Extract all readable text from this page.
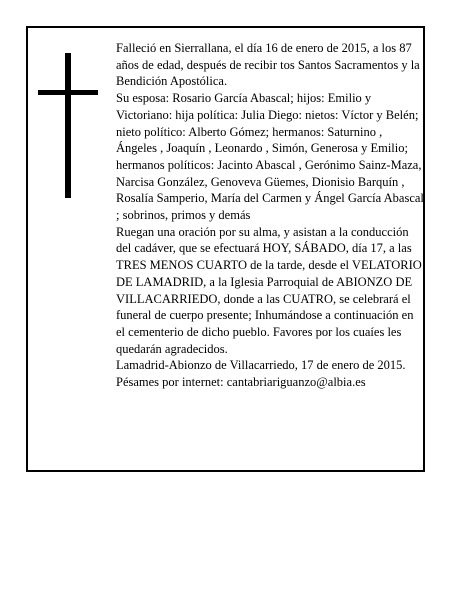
Falleció en Sierrallana, el día 16 de enero de 2015, a los 87 años de edad, después de recibir tos Santos Sacramentos y la Bendición Apostólica.

Su esposa: Rosario García Abascal; hijos: Emilio y Victoriano: hija política: Julia Diego: nietos: Víctor y Belén; nieto político: Alberto Gómez; hermanos: Saturnino , Ángeles , Joaquín , Leonardo , Simón, Generosa y Emilio; hermanos políticos: Jacinto Abascal , Gerónimo Sainz-Maza, Narcisa González, Genoveva Güemes, Dionisio Barquín , Rosalía Samperio, María del Carmen y Ángel García Abascal ; sobrinos, primos y demás

Ruegan una oración por su alma, y asistan a la conducción del cadáver, que se efectuará HOY, SÁBADO, día 17, a las TRES MENOS CUARTO de la tarde, desde el VELATORIO DE LAMADRID, a la Iglesia Parroquial de ABIONZO DE VILLACARRIEDO, donde a las CUATRO, se celebrará el funeral de cuerpo presente; Inhumándose a continuación en el cementerio de dicho pueblo. Favores por los cuaíes les quedarán agradecidos.

Lamadrid-Abionzo de Villacarriedo, 17 de enero de 2015. Pésames por internet: cantabriariguanzo@albia.es
